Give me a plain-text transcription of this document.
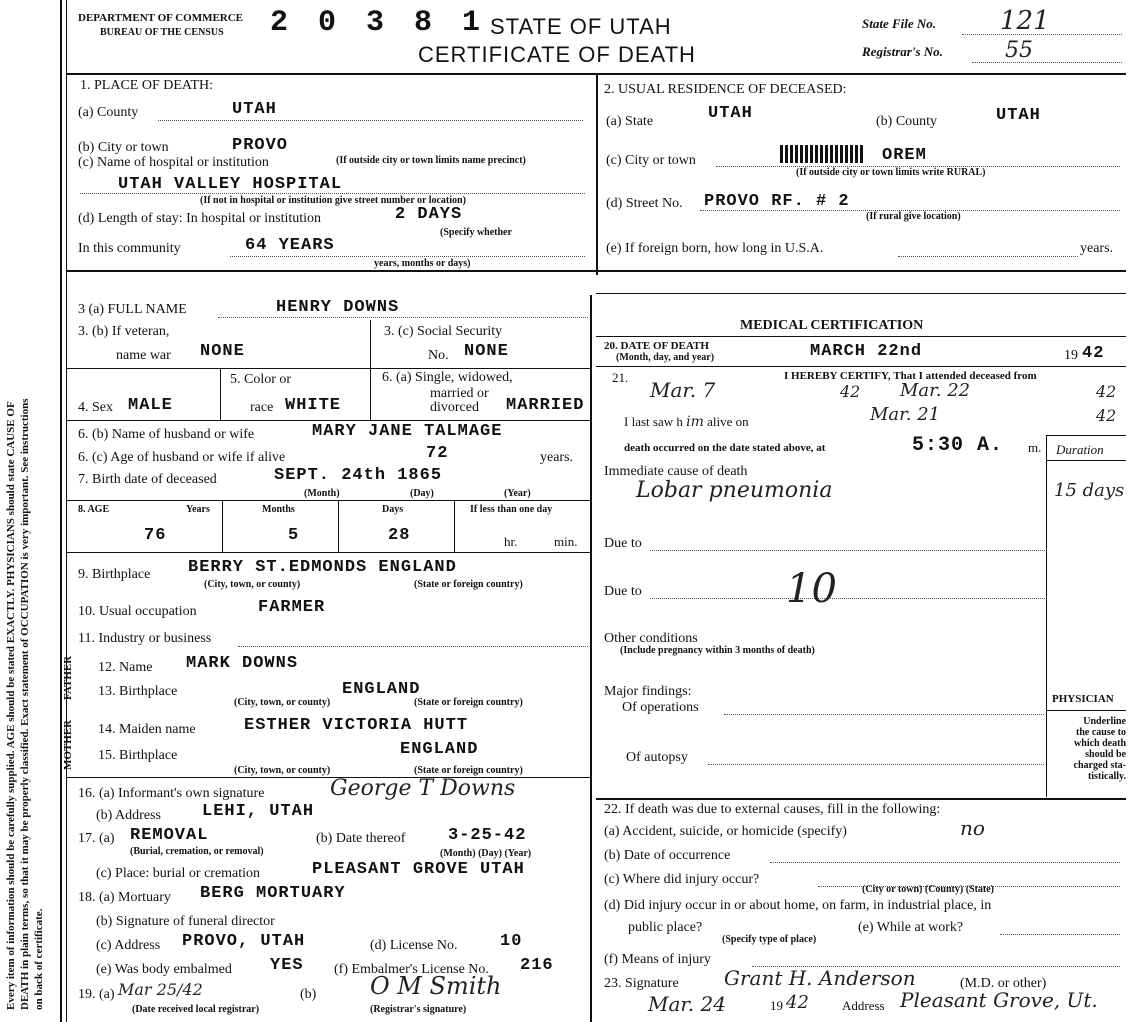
Every item of information should be carefully supplied. AGE should be stated EXACTLY. PHYSICIANS should state CAUSE OF DEATH in plain terms, so that it may be properly classified. Exact statement of OCCUPATION is very important. See instructions on back of certificate.
DEPARTMENT OF COMMERCE
BUREAU OF THE CENSUS 2 0 3 8 1 STATE OF UTAH
CERTIFICATE OF DEATH
State File No. 121
Registrar's No.	55
1. PLACE OF DEATH:
(a) County	UTAH
(b) City or town	PROVO
(c) Name of hospital or institution	(If outside city or town limits name precinct)
UTAH VALLEY HOSPITAL
(If not in hospital or institution give street number or location)
(d) Length of stay: In hospital or institution	2 DAYS
(Specify whether
In this community	64 YEARS
years, months or days)
2. USUAL RESIDENCE OF DECEASED:
(a) State	UTAH	(b) County	UTAH
(c) City or town	OREM
(If outside city or town limits write RURAL)
(d) Street No. PROVO RF. # 2
(If rural give location)
(e) If foreign born, how long in U.S.A.	years.
3 (a) FULL NAME	HENRY DOWNS
3. (b) If veteran,
name war NONE
3. (c) Social Security
No. NONE
4. Sex MALE
5. Color or
race WHITE
6. (a) Single, widowed,
married or
divorced MARRIED
6. (b) Name of husband or wife	MARY JANE TALMAGE
6. (c) Age of husband or wife if alive	72	years.
7. Birth date of deceased	SEPT. 24th 1865
(Month)	(Day)	(Year)
8. AGE	Years	Months	Days	If less than one day
76	5	28	hr.	min.
9. Birthplace BERRY ST.EDMONDS ENGLAND
(City, town, or county)	(State or foreign country)
10. Usual occupation	FARMER
11. Industry or business
FATHER
MOTHER
12. Name MARK DOWNS
13. Birthplace	ENGLAND
(City, town, or county)	(State or foreign country)
14. Maiden name	ESTHER VICTORIA HUTT
15. Birthplace	ENGLAND
(City, town, or county)	(State or foreign country)
16. (a) Informant's own signature	George T Downs
(b) Address LEHI, UTAH
17. (a) REMOVAL
(Burial, cremation, or removal)
(b) Date thereof	3-25-42
(Month) (Day) (Year)
(c) Place: burial or cremation	PLEASANT GROVE UTAH
18. (a) Mortuary BERG MORTUARY
(b) Signature of funeral director
(c) Address PROVO, UTAH	(d) License No.	10
(e) Was body embalmed YES (f) Embalmer's License No. 216
19. (a) Mar 25/42	(b) O M Smith
(Date received local registrar)	(Registrar's signature)
MEDICAL CERTIFICATION
20. DATE OF DEATH
(Month, day, and year)	MARCH 22nd	19 42
21.	I HEREBY CERTIFY, That I attended deceased from
Mar. 7	42 Mar. 22	42
I last saw h im alive on	Mar. 21	42
death occurred on the date stated above, at	5:30 A. m. Duration
Immediate cause of death
Lobar pneumonia	15 days
Due to
Due to	10
Other conditions
(Include pregnancy within 3 months of death)
Major findings:
Of operations
Of autopsy
PHYSICIAN
Underline
the cause to
which death
should be
charged sta-
tistically.
22. If death was due to external causes, fill in the following:
(a) Accident, suicide, or homicide (specify)	no
(b) Date of occurrence
(c) Where did injury occur?
(City or town) (County) (State)
(d) Did injury occur in or about home, on farm, in industrial place, in
public place?
(Specify type of place)
(e) While at work?
(f) Means of injury
23. Signature Grant H. Anderson	(M.D. or other)
Mar. 24	19 42	Address Pleasant Grove, Ut.
